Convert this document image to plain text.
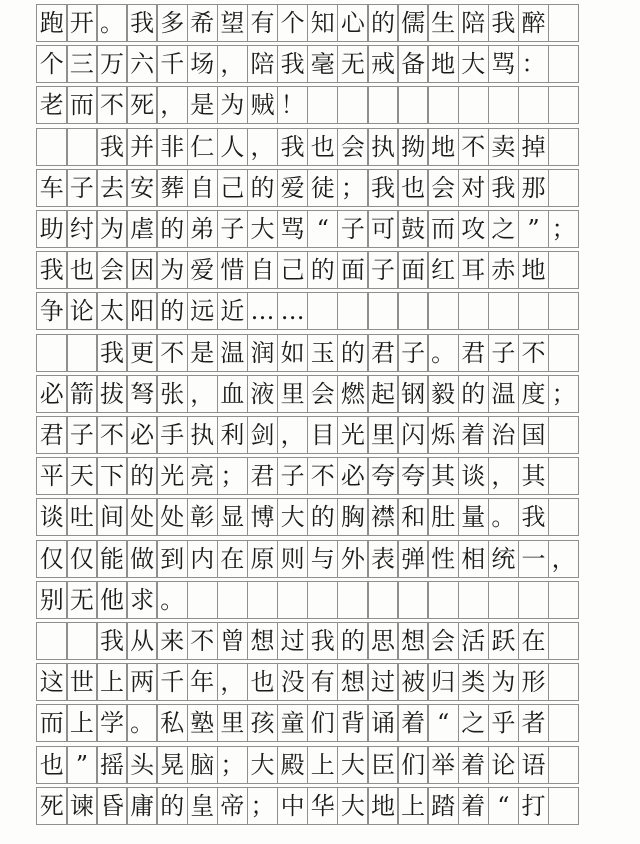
跑 开 。 我 多 希 望 有 个 知 心 的 儒 生 陪 我 醉
个 三 万 六 千 场 ， 陪 我 毫 无 戒 备 地 大 骂 ：
老 而 不 死 ， 是 为 贼 ！
我 并 非 仁 人 ， 我 也 会 执 拗 地 不 卖 掉
车 子 去 安 葬 自 己 的 爱 徒 ； 我 也 会 对 我 那
助 纣 为 虐 的 弟 子 大 骂 “ 子 可 鼓 而 攻 之 ” ；
我 也 会 因 为 爱 惜 自 己 的 面 子 面 红 耳 赤 地
争 论 太 阳 的 远 近 … …
我 更 不 是 温 润 如 玉 的 君 子 。 君 子 不
必 箭 拔 弩 张 ， 血 液 里 会 燃 起 钢 毅 的 温 度 ；
君 子 不 必 手 执 利 剑 ， 目 光 里 闪 烁 着 治 国
平 天 下 的 光 亮 ； 君 子 不 必 夸 夸 其 谈 ， 其
谈 吐 间 处 处 彰 显 博 大 的 胸 襟 和 肚 量 。 我
仅 仅 能 做 到 内 在 原 则 与 外 表 弹 性 相 统 一 ，
别 无 他 求 。
我 从 来 不 曾 想 过 我 的 思 想 会 活 跃 在
这 世 上 两 千 年 ， 也 没 有 想 过 被 归 类 为 形
而 上 学 。 私 塾 里 孩 童 们 背 诵 着 “ 之 乎 者
也 ” 摇 头 晃 脑 ； 大 殿 上 大 臣 们 举 着 论 语
死 谏 昏 庸 的 皇 帝 ； 中 华 大 地 上 踏 着 “ 打
